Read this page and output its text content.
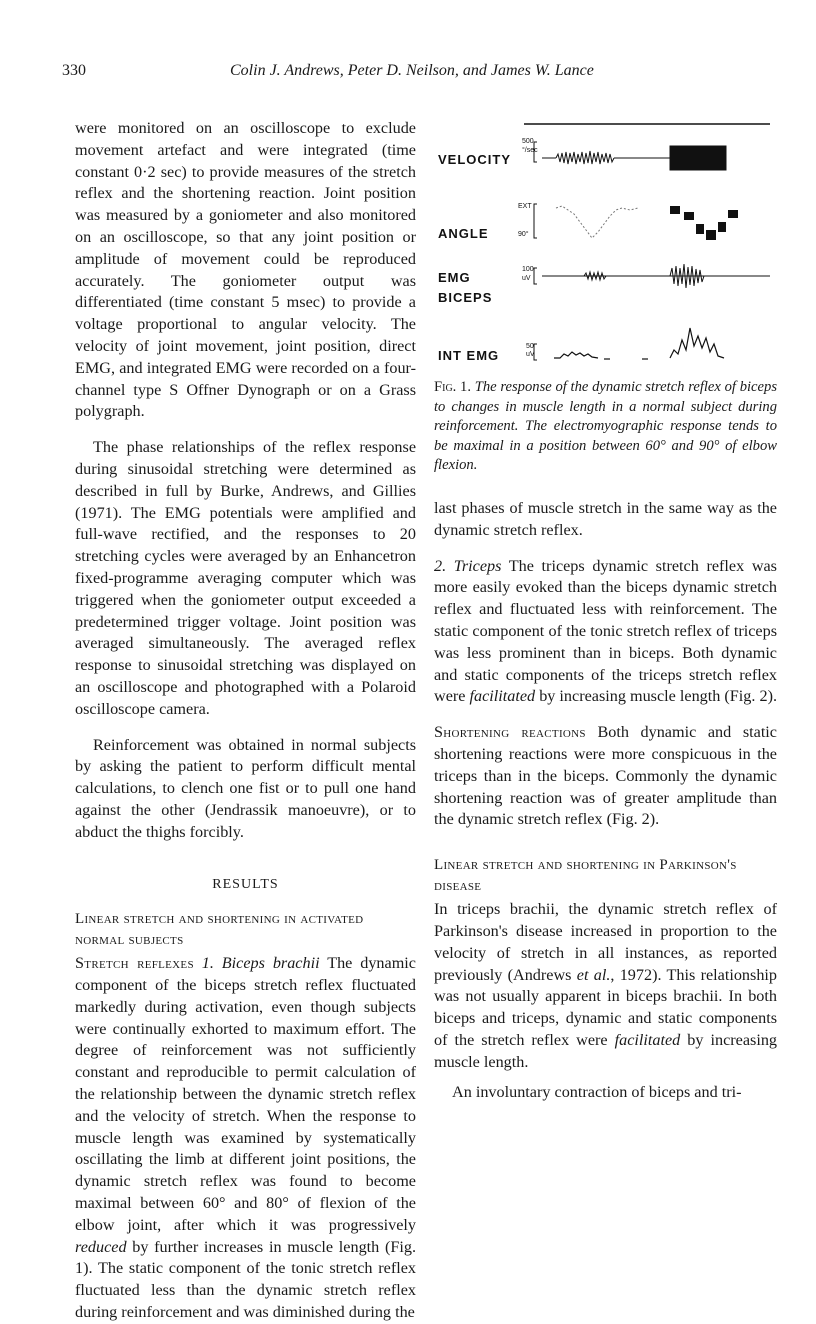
330	Colin J. Andrews, Peter D. Neilson, and James W. Lance

were monitored on an oscilloscope to exclude movement artefact and were integrated (time constant 0·2 sec) to provide measures of the stretch reflex and the shortening reaction. Joint position was measured by a goniometer and also monitored on an oscilloscope, so that any joint position or amplitude of movement could be reproduced accurately. The goniometer output was differentiated (time constant 5 msec) to provide a voltage proportional to angular velocity. The velocity of joint movement, joint position, direct EMG, and integrated EMG were recorded on a four-channel type S Offner Dynograph or on a Grass polygraph.

The phase relationships of the reflex response during sinusoidal stretching were determined as described in full by Burke, Andrews, and Gillies (1971). The EMG potentials were amplified and full-wave rectified, and the responses to 20 stretching cycles were averaged by an Enhancetron fixed-programme averaging computer which was triggered when the goniometer output exceeded a predetermined trigger voltage. Joint position was averaged simultaneously. The averaged reflex response to sinusoidal stretching was displayed on an oscilloscope and photographed with a Polaroid oscilloscope camera.

Reinforcement was obtained in normal subjects by asking the patient to perform difficult mental calculations, to clench one fist or to pull one hand against the other (Jendrassik manoeuvre), or to abduct the thighs forcibly.

RESULTS
Linear stretch and shortening in activated normal subjects

Stretch reflexes 1. Biceps brachii The dynamic component of the biceps stretch reflex fluctuated markedly during activation, even though subjects were continually exhorted to maximum effort. The degree of reinforcement was not sufficiently constant and reproducible to permit calculation of the relationship between the dynamic stretch reflex and the velocity of stretch. When the response to muscle length was examined by systematically oscillating the limb at different joint positions, the dynamic stretch reflex was found to become maximal between 60° and 80° of flexion of the elbow joint, after which it was progressively reduced by further increases in muscle length (Fig. 1). The static component of the tonic stretch reflex fluctuated less than the dynamic stretch reflex during reinforcement and was diminished during the

VELOCITY
500
°/sec
ANGLE
EXT
90°
EMG
BICEPS
100
uV
INT EMG
50
uV
Fig. 1. The response of the dynamic stretch reflex of biceps to changes in muscle length in a normal subject during reinforcement. The electromyographic response tends to be maximal in a position between 60° and 90° of elbow flexion.

last phases of muscle stretch in the same way as the dynamic stretch reflex.

2. Triceps The triceps dynamic stretch reflex was more easily evoked than the biceps dynamic stretch reflex and fluctuated less with reinforcement. The static component of the tonic stretch reflex of triceps was less prominent than in biceps. Both dynamic and static components of the triceps stretch reflex were facilitated by increasing muscle length (Fig. 2).

Shortening reactions Both dynamic and static shortening reactions were more conspicuous in the triceps than in the biceps. Commonly the dynamic shortening reaction was of greater amplitude than the dynamic stretch reflex (Fig. 2).

Linear stretch and shortening in Parkinson's disease

In triceps brachii, the dynamic stretch reflex of Parkinson's disease increased in proportion to the velocity of stretch in all instances, as reported previously (Andrews et al., 1972). This relationship was not usually apparent in biceps brachii. In both biceps and triceps, dynamic and static components of the stretch reflex were facilitated by increasing muscle length.

An involuntary contraction of biceps and tri-
